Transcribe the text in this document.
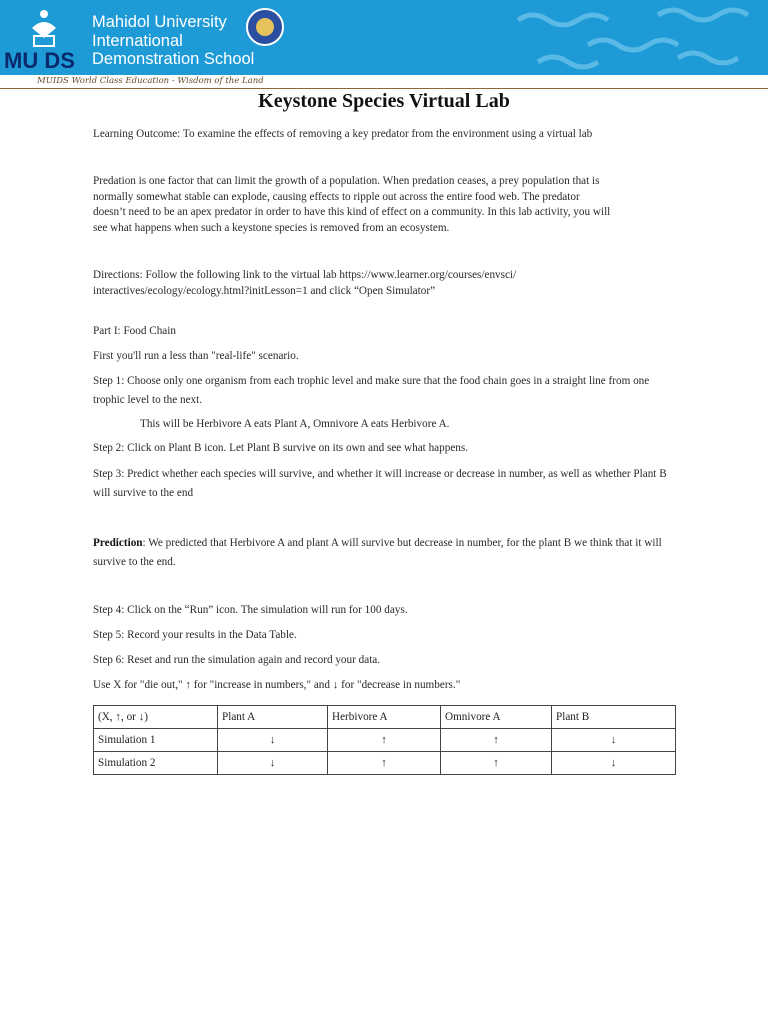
MU DS
Mahidol University
International
Demonstration School
MUIDS World Class Education - Wisdom of the Land
Keystone Species Virtual Lab
Learning Outcome: To examine the effects of removing a key predator from the environment using a virtual lab
Predation is one factor that can limit the growth of a population. When predation ceases, a prey population that is normally somewhat stable can explode, causing effects to ripple out across the entire food web. The predator doesn’t need to be an apex predator in order to have this kind of effect on a community. In this lab activity, you will see what happens when such a keystone species is removed from an ecosystem.
Directions: Follow the following link to the virtual lab https://www.learner.org/courses/envsci/ interactives/ecology/ecology.html?initLesson=1 and click “Open Simulator”
Part I: Food Chain
First you'll run a less than "real-life" scenario.
Step 1: Choose only one organism from each trophic level and make sure that the food chain goes in a straight line from one trophic level to the next.
This will be Herbivore A eats Plant A, Omnivore A eats Herbivore A.
Step 2: Click on Plant B icon. Let Plant B survive on its own and see what happens.
Step 3: Predict whether each species will survive, and whether it will increase or decrease in number, as well as whether Plant B will survive to the end
Prediction: We predicted that Herbivore A and plant A will survive but decrease in number, for the plant B we think that it will survive to the end.
Step 4: Click on the “Run” icon. The simulation will run for 100 days.
Step 5: Record your results in the Data Table.
Step 6: Reset and run the simulation again and record your data.
Use X for "die out," ↑ for "increase in numbers," and ↓ for "decrease in numbers."
(X, ↑, or ↓)	Plant A	Herbivore A	Omnivore A	Plant B
Simulation 1	↓	↑	↑	↓
Simulation 2	↓	↑	↑	↓
